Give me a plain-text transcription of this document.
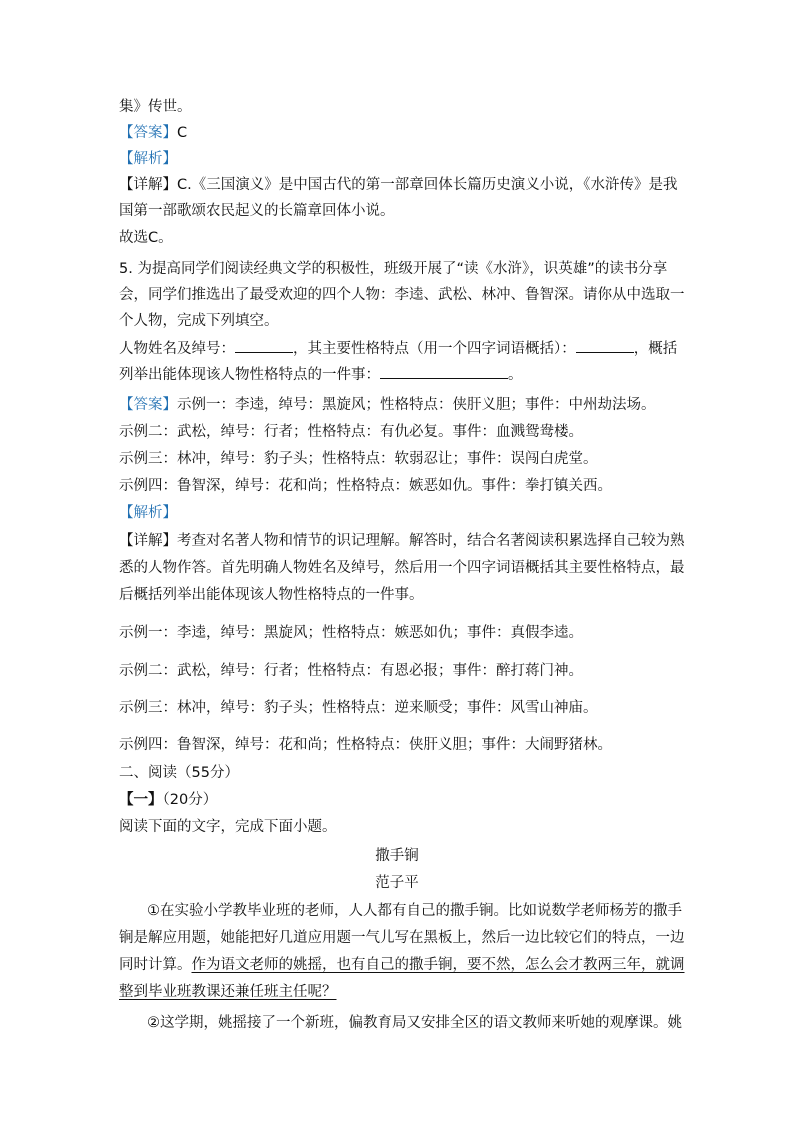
集》传世。
【答案】C
【解析】
【详解】C.《三国演义》是中国古代的第一部章回体长篇历史演义小说，《水浒传》是我
国第一部歌颂农民起义的长篇章回体小说。
故选C。
5. 为提高同学们阅读经典文学的积极性，班级开展了“读《水浒》，识英雄”的读书分享
会，同学们推选出了最受欢迎的四个人物：李逵、武松、林冲、鲁智深。请你从中选取一
个人物，完成下列填空。
人物姓名及绰号：	，其主要性格特点（用一个四字词语概括）：	，概括
列举出能体现该人物性格特点的一件事：	。
【答案】示例一：李逵，绰号：黑旋风；性格特点：侠肝义胆；事件：中州劫法场。
示例二：武松，绰号：行者；性格特点：有仇必复。事件：血溅鸳鸯楼。
示例三：林冲，绰号：豹子头；性格特点：软弱忍让；事件：误闯白虎堂。
示例四：鲁智深，绰号：花和尚；性格特点：嫉恶如仇。事件：拳打镇关西。
【解析】
【详解】考查对名著人物和情节的识记理解。解答时，结合名著阅读积累选择自己较为熟
悉的人物作答。首先明确人物姓名及绰号，然后用一个四字词语概括其主要性格特点，最
后概括列举出能体现该人物性格特点的一件事。
示例一：李逵，绰号：黑旋风；性格特点：嫉恶如仇；事件：真假李逵。
示例二：武松，绰号：行者；性格特点：有恩必报；事件：醉打蒋门神。
示例三：林冲，绰号：豹子头；性格特点：逆来顺受；事件：风雪山神庙。
示例四：鲁智深，绰号：花和尚；性格特点：侠肝义胆；事件：大闹野猪林。
二、阅读（55分）
【一】（20分）
阅读下面的文字，完成下面小题。
撒手锏
范子平
①在实验小学教毕业班的老师，人人都有自己的撒手锏。比如说数学老师杨芳的撒手
锏是解应用题，她能把好几道应用题一气儿写在黑板上，然后一边比较它们的特点，一边
同时计算。作为语文老师的姚摇，也有自己的撒手锏，要不然，怎么会才教两三年，就调
整到毕业班教课还兼任班主任呢？
②这学期，姚摇接了一个新班，偏教育局又安排全区的语文教师来听她的观摩课。姚
